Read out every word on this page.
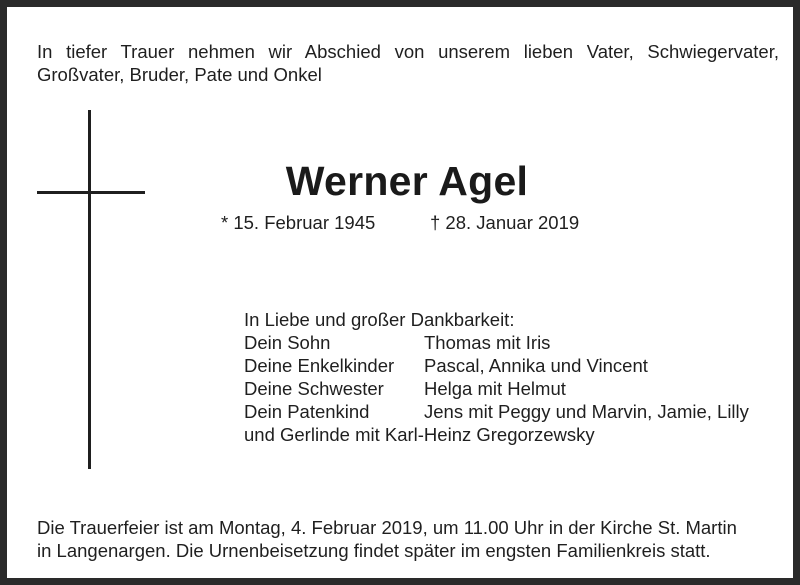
In tiefer Trauer nehmen wir Abschied von unserem lieben Vater, Schwiegervater, Großvater, Bruder, Pate und Onkel

Werner Agel
* 15. Februar 1945	† 28. Januar 2019
In Liebe und großer Dankbarkeit:
Dein Sohn	Thomas mit Iris
Deine Enkelkinder	Pascal, Annika und Vincent
Deine Schwester	Helga mit Helmut
Dein Patenkind	Jens mit Peggy und Marvin, Jamie, Lilly
und Gerlinde mit Karl-Heinz Gregorzewsky
Die Trauerfeier ist am Montag, 4. Februar 2019, um 11.00 Uhr in der Kirche St. Martin
in Langenargen. Die Urnenbeisetzung findet später im engsten Familienkreis statt.
